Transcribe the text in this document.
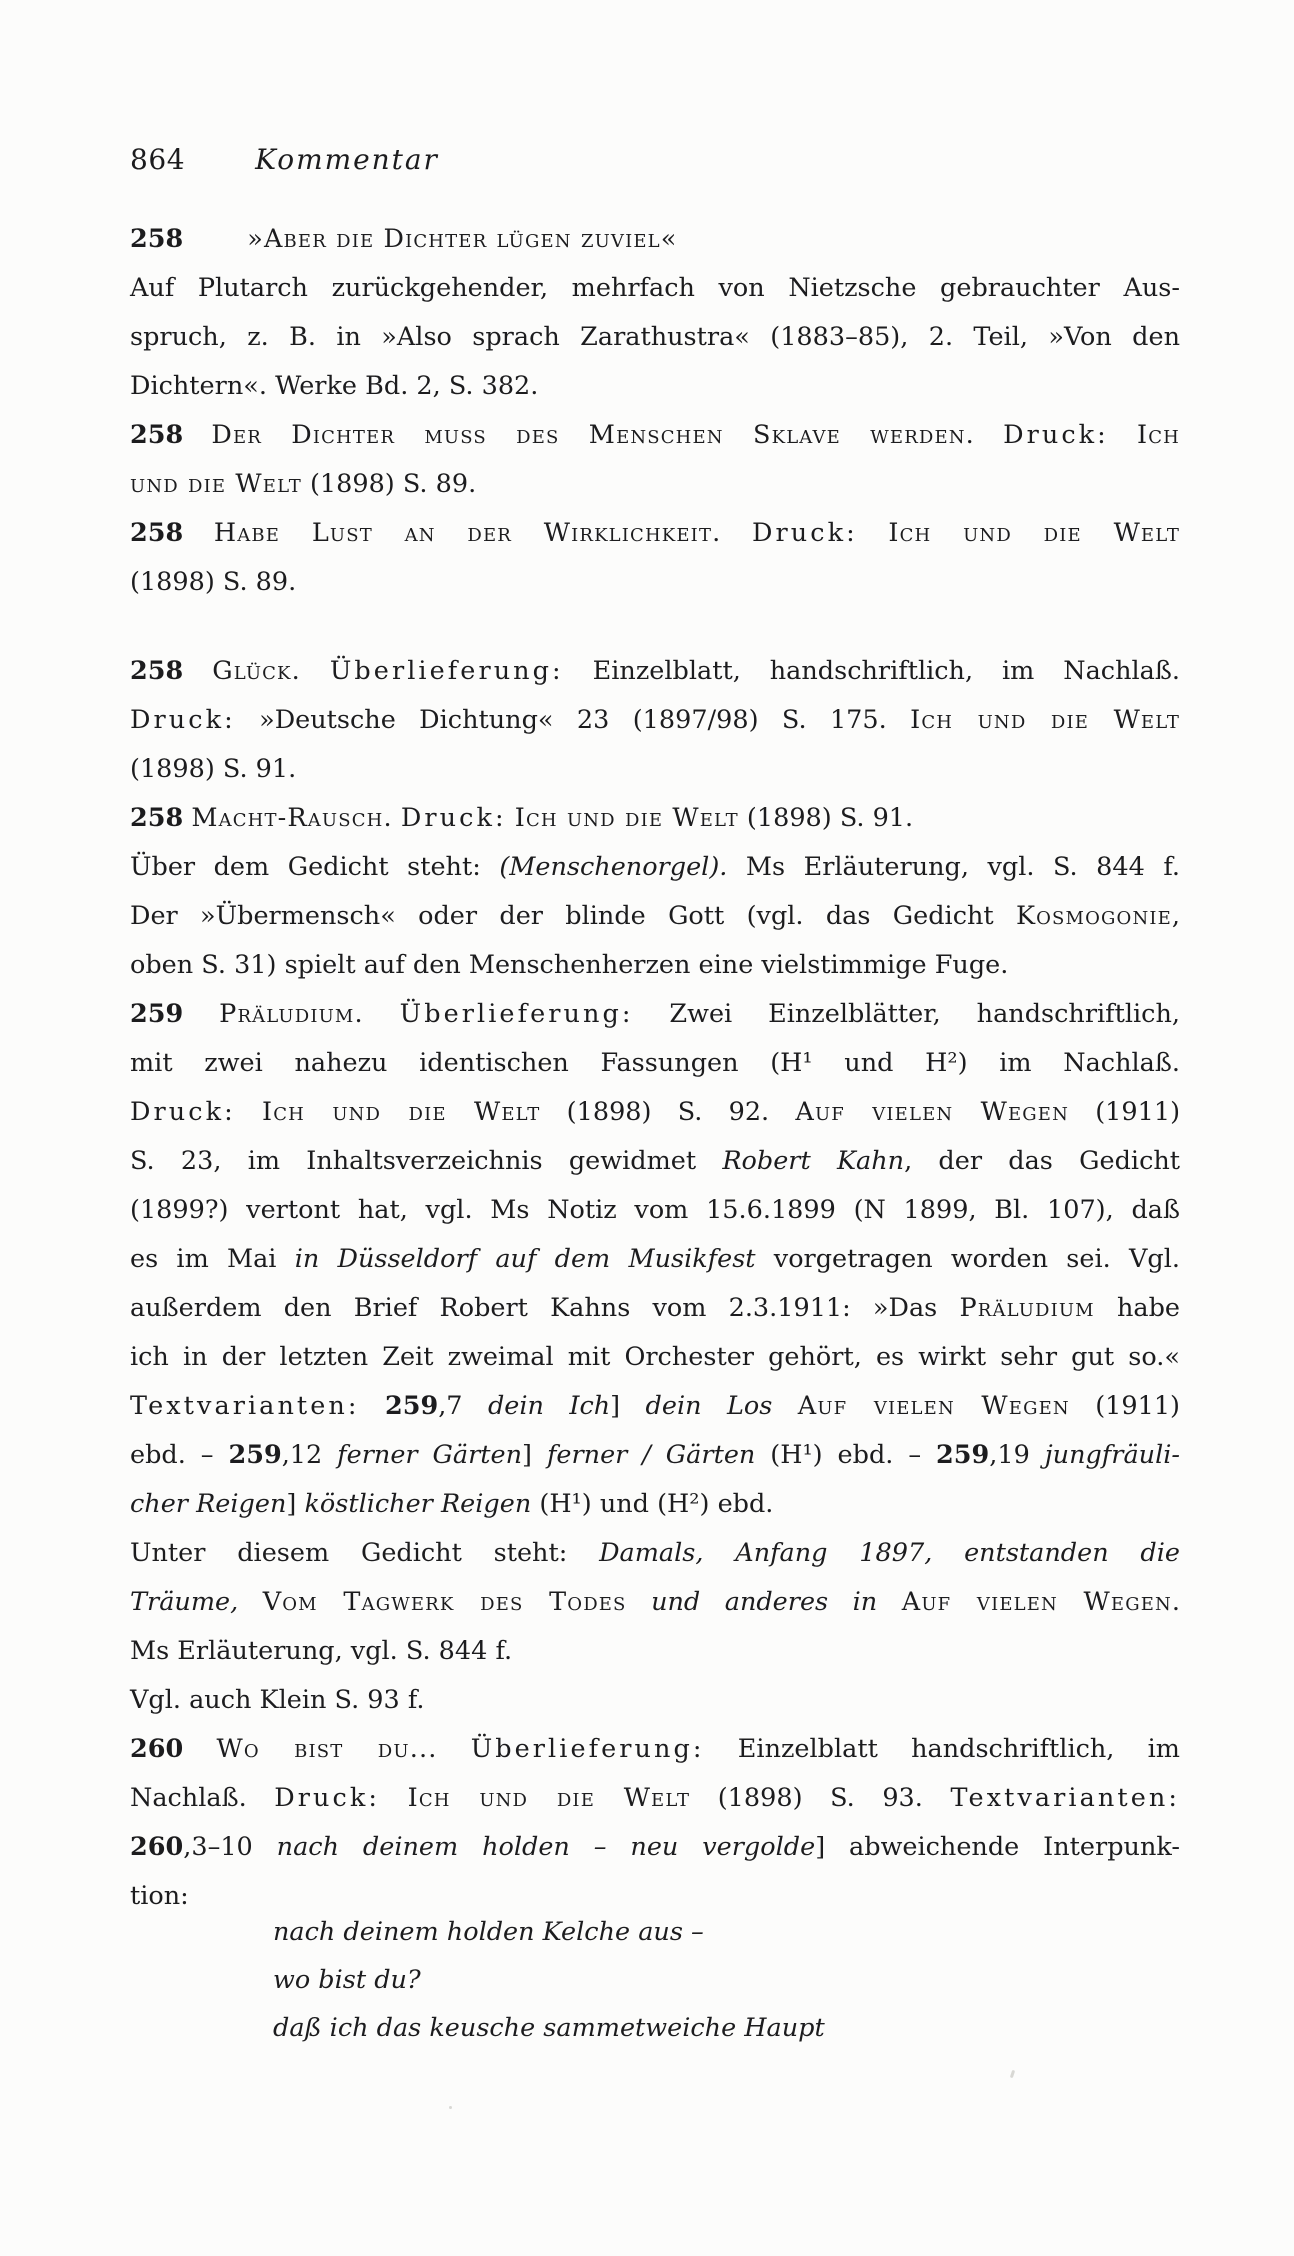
864	Kommentar
258	»Aber die Dichter lügen zuviel«
Auf Plutarch zurückgehender, mehrfach von Nietzsche gebrauchter Aus-
spruch, z. B. in »Also sprach Zarathustra« (1883–85), 2. Teil, »Von den
Dichtern«. Werke Bd. 2, S. 382.
258 Der Dichter muss des Menschen Sklave werden. Druck: Ich
und die Welt (1898) S. 89.
258 Habe Lust an der Wirklichkeit. Druck: Ich und die Welt
(1898) S. 89.
258 Glück. Überlieferung: Einzelblatt, handschriftlich, im Nachlaß.
Druck: »Deutsche Dichtung« 23 (1897/98) S. 175. Ich und die Welt
(1898) S. 91.
258 Macht-Rausch. Druck: Ich und die Welt (1898) S. 91.
Über dem Gedicht steht: (Menschenorgel). Ms Erläuterung, vgl. S. 844 f.
Der »Übermensch« oder der blinde Gott (vgl. das Gedicht Kosmogonie,
oben S. 31) spielt auf den Menschenherzen eine vielstimmige Fuge.
259 Präludium. Überlieferung: Zwei Einzelblätter, handschriftlich,
mit zwei nahezu identischen Fassungen (H¹ und H²) im Nachlaß.
Druck: Ich und die Welt (1898) S. 92. Auf vielen Wegen (1911)
S. 23, im Inhaltsverzeichnis gewidmet Robert Kahn, der das Gedicht
(1899?) vertont hat, vgl. Ms Notiz vom 15.6.1899 (N 1899, Bl. 107), daß
es im Mai in Düsseldorf auf dem Musikfest vorgetragen worden sei. Vgl.
außerdem den Brief Robert Kahns vom 2.3.1911: »Das Präludium habe
ich in der letzten Zeit zweimal mit Orchester gehört, es wirkt sehr gut so.«
Textvarianten: 259,7 dein Ich] dein Los Auf vielen Wegen (1911)
ebd. – 259,12 ferner Gärten] ferner / Gärten (H¹) ebd. – 259,19 jungfräuli-
cher Reigen] köstlicher Reigen (H¹) und (H²) ebd.
Unter diesem Gedicht steht: Damals, Anfang 1897, entstanden die
Träume, Vom Tagwerk des Todes und anderes in Auf vielen Wegen.
Ms Erläuterung, vgl. S. 844 f.
Vgl. auch Klein S. 93 f.
260 Wo bist du... Überlieferung: Einzelblatt handschriftlich, im
Nachlaß. Druck: Ich und die Welt (1898) S. 93. Textvarianten:
260,3–10 nach deinem holden – neu vergolde] abweichende Interpunk-
tion:
nach deinem holden Kelche aus –
wo bist du?
daß ich das keusche sammetweiche Haupt
